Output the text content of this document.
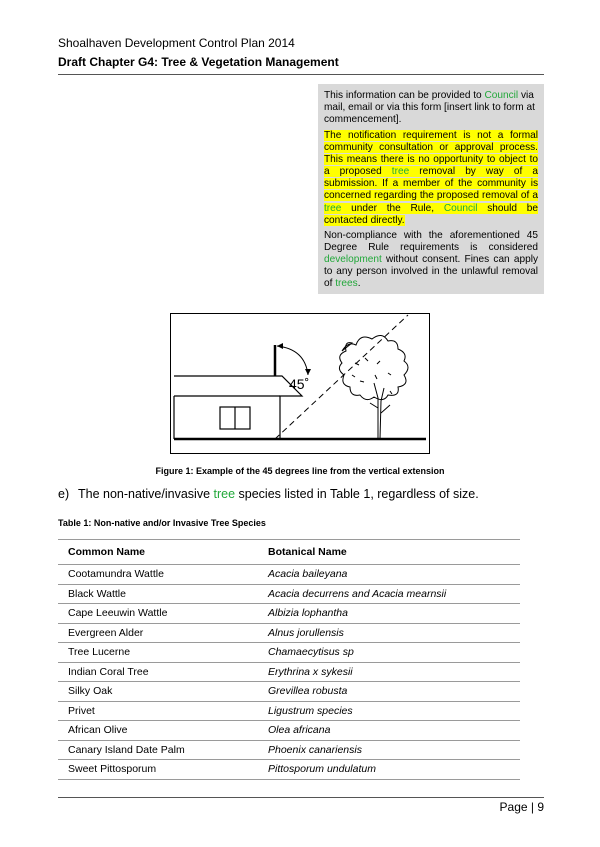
Shoalhaven Development Control Plan 2014
Draft Chapter G4: Tree & Vegetation Management

This information can be provided to Council via mail, email or via this form [insert link to form at commencement].

The notification requirement is not a formal community consultation or approval process. This means there is no opportunity to object to a proposed tree removal by way of a submission. If a member of the community is concerned regarding the proposed removal of a tree under the Rule, Council should be contacted directly.

Non-compliance with the aforementioned 45 Degree Rule requirements is considered development without consent. Fines can apply to any person involved in the unlawful removal of trees.

45˚
Figure 1: Example of the 45 degrees line from the vertical extension
e) The non-native/invasive tree species listed in Table 1, regardless of size.
Table 1: Non-native and/or Invasive Tree Species
Common Name	Botanical Name
Cootamundra Wattle	Acacia baileyana
Black Wattle	Acacia decurrens and Acacia mearnsii
Cape Leeuwin Wattle	Albizia lophantha
Evergreen Alder	Alnus jorullensis
Tree Lucerne	Chamaecytisus sp
Indian Coral Tree	Erythrina x sykesii
Silky Oak	Grevillea robusta
Privet	Ligustrum species
African Olive	Olea africana
Canary Island Date Palm	Phoenix canariensis
Sweet Pittosporum	Pittosporum undulatum
Page | 9
